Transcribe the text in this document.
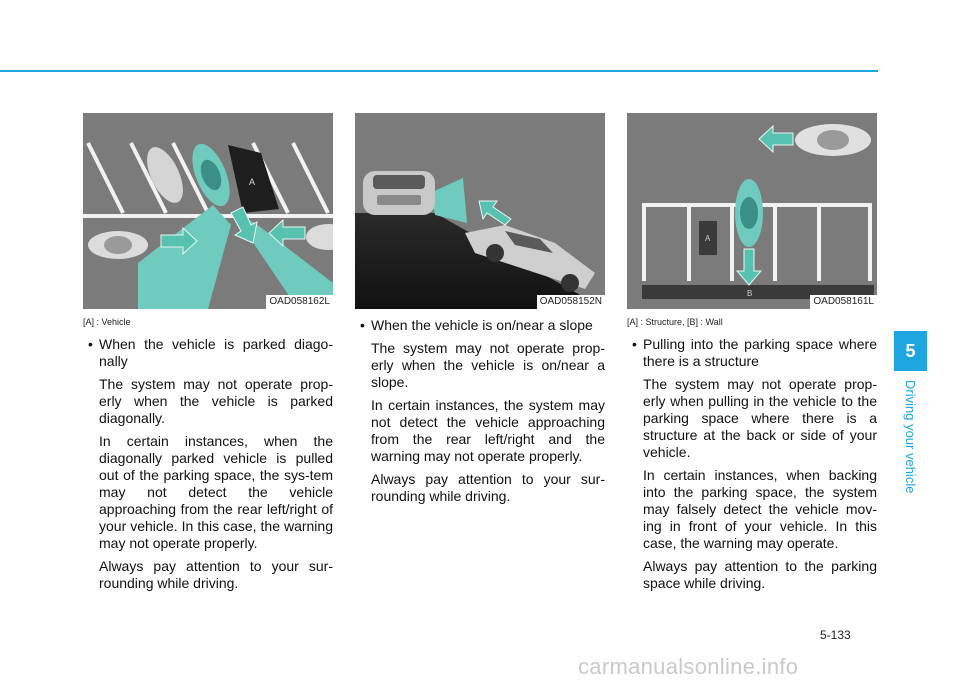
A
OAD058162L
[A] : Vehicle
• When the vehicle is parked diago-nally
The system may not operate prop-erly when the vehicle is parked diagonally.
In certain instances, when the diagonally parked vehicle is pulled out of the parking space, the sys-tem may not detect the vehicle approaching from the rear left/right of your vehicle. In this case, the warning may not operate properly.
Always pay attention to your sur-rounding while driving.
OAD058152N
• When the vehicle is on/near a slope
The system may not operate prop-erly when the vehicle is on/near a slope.
In certain instances, the system may not detect the vehicle approaching from the rear left/right and the warning may not operate properly.
Always pay attention to your sur-rounding while driving.
B
A
OAD058161L
[A] : Structure, [B] : Wall
• Pulling into the parking space where there is a structure
The system may not operate prop-erly when pulling in the vehicle to the parking space where there is a structure at the back or side of your vehicle.
In certain instances, when backing into the parking space, the system may falsely detect the vehicle mov-ing in front of your vehicle. In this case, the warning may operate.
Always pay attention to the parking space while driving.
5
Driving your vehicle
5-133
carmanualsonline.info
